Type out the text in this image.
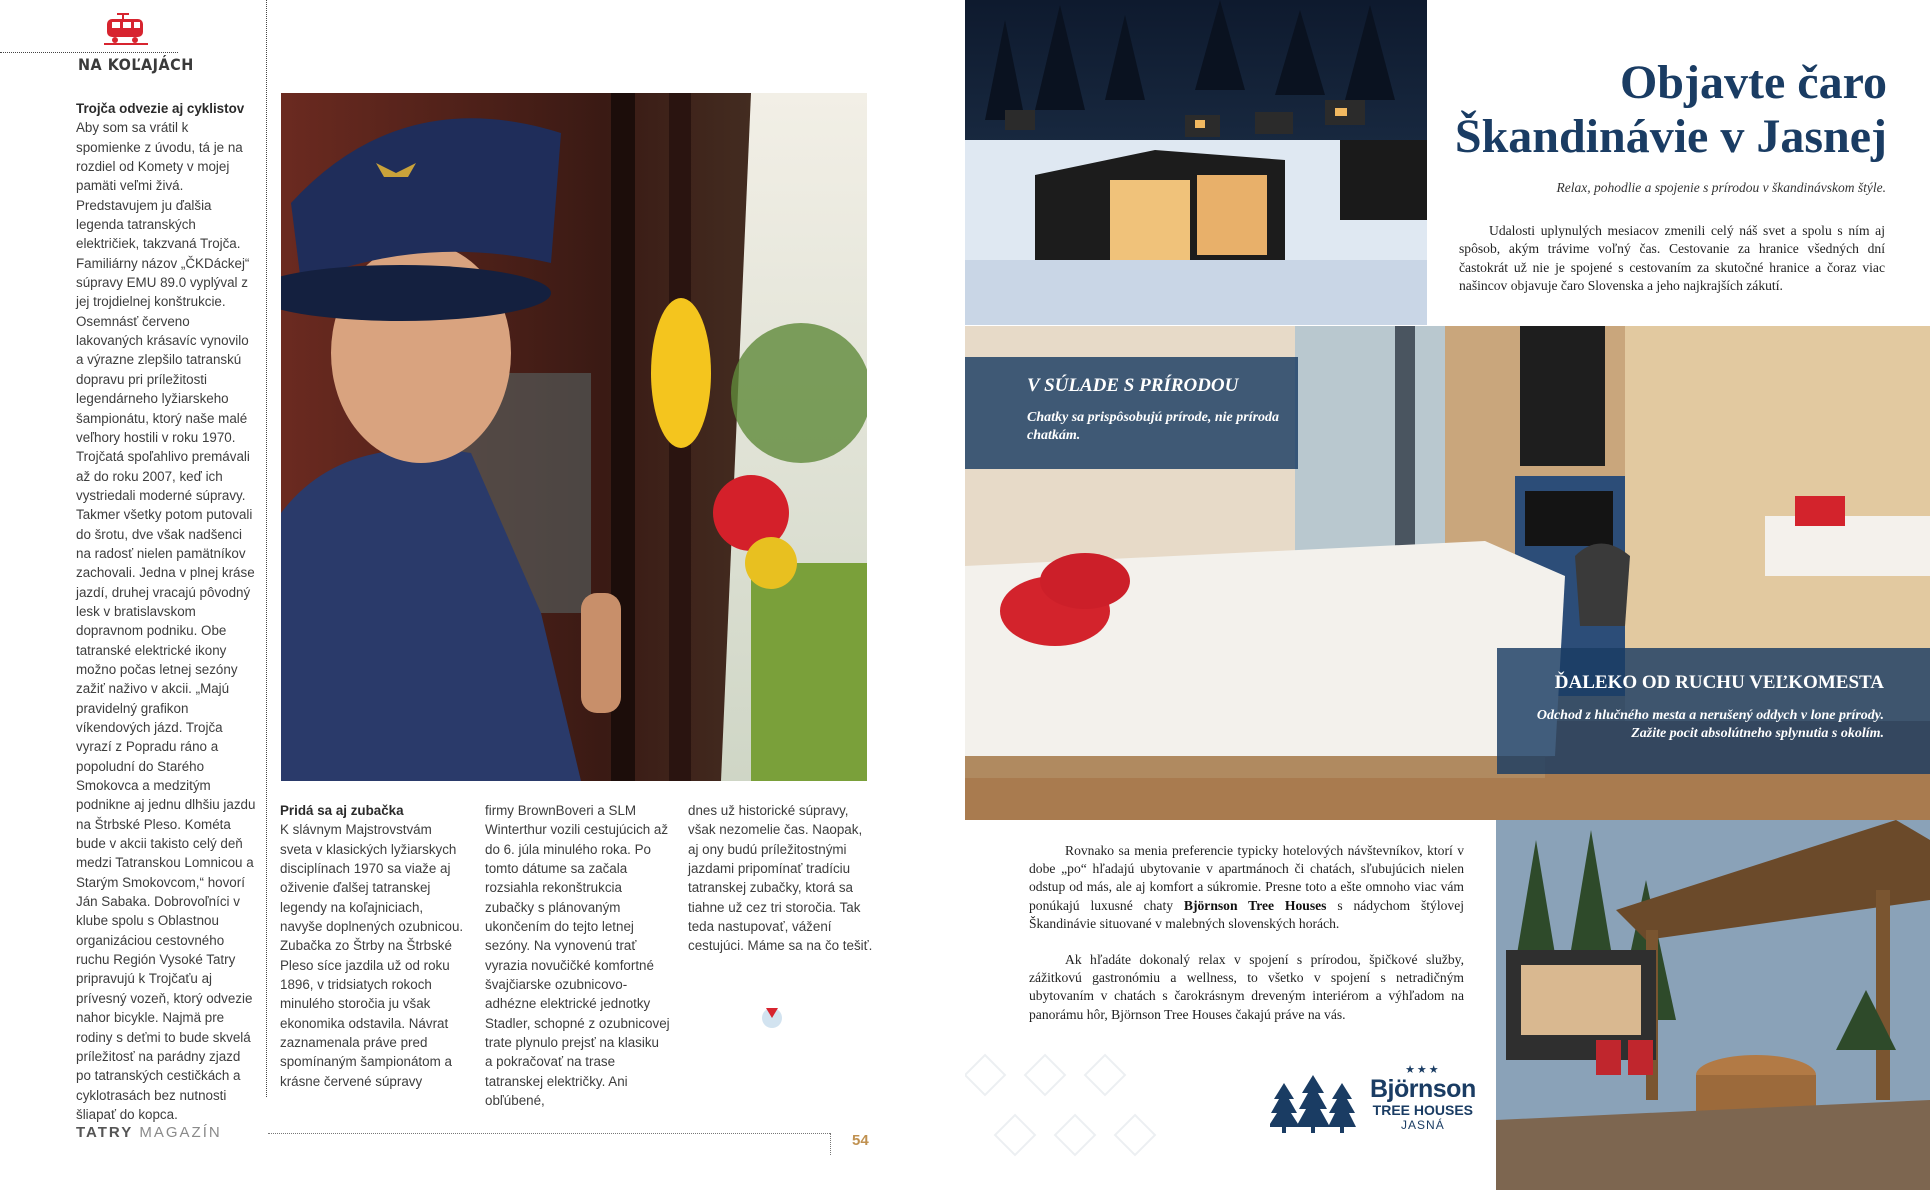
NA KOĽAJÁCH
Trojča odvezie aj cyklistov
Aby som sa vrátil k spomienke z úvodu, tá je na rozdiel od Komety v mojej pamäti veľmi živá. Predstavujem ju ďalšia legenda tatranských električiek, takzvaná Trojča. Familiárny názov „ČKDáckej“ súpravy EMU 89.0 vyplýval z jej trojdielnej konštrukcie. Osemnásť červeno lakovaných krásavíc vynovilo a výrazne zlepšilo tatranskú dopravu pri príležitosti legendárneho lyžiarskeho šampionátu, ktorý naše malé veľhory hostili v roku 1970. Trojčatá spoľahlivo premávali až do roku 2007, keď ich vystriedali moderné súpravy. Takmer všetky potom putovali do šrotu, dve však nadšenci na radosť nielen pamätníkov zachovali. Jedna v plnej kráse jazdí, druhej vracajú pôvodný lesk v bratislavskom dopravnom podniku. Obe tatranské elektrické ikony možno počas letnej sezóny zažiť naživo v akcii. „Majú pravidelný grafikon víkendových jázd. Trojča vyrazí z Popradu ráno a popoludní do Starého Smokovca a medzitým podnikne aj jednu dlhšiu jazdu na Štrbské Pleso. Kométa bude v akcii takisto celý deň medzi Tatranskou Lomnicou a Starým Smokovcom,“ hovorí Ján Sabaka. Dobrovoľníci v klube spolu s Oblastnou organizáciou cestovného ruchu Región Vysoké Tatry pripravujú k Trojčaťu aj prívesný vozeň, ktorý odvezie nahor bicykle. Najmä pre rodiny s deťmi to bude skvelá príležitosť na parádny zjazd po tatranských cestičkách a cyklotrasách bez nutnosti šliapať do kopca.
Pridá sa aj zubačka
K slávnym Majstrovstvám sveta v klasických lyžiarskych disciplínach 1970 sa viaže aj oživenie ďalšej tatranskej legendy na koľajniciach, navyše doplnených ozubnicou. Zubačka zo Štrby na Štrbské Pleso síce jazdila už od roku 1896, v tridsiatych rokoch minulého storočia ju však ekonomika odstavila. Návrat zaznamenala práve pred spomínaným šampionátom a krásne červené súpravy
firmy BrownBoveri a SLM Winterthur vozili cestujúcich až do 6. júla minulého roka. Po tomto dátume sa začala rozsiahla rekonštrukcia zubačky s plánovaným ukončením do tejto letnej sezóny. Na vynovenú trať vyrazia novučičké komfortné švajčiarske ozubnicovo-adhézne elektrické jednotky Stadler, schopné z ozubnicovej trate plynulo prejsť na klasiku a pokračovať na trase tatranskej električky. Ani obľúbené,
dnes už historické súpravy, však nezomelie čas. Naopak, aj ony budú príležitostnými jazdami pripomínať tradíciu tatranskej zubačky, ktorá sa tiahne už cez tri storočia. Tak teda nastupovať, vážení cestujúci. Máme sa na čo tešiť.
TATRY MAGAZÍN	54
Objavte čaro Škandinávie v Jasnej
Relax, pohodlie a spojenie s prírodou v škandinávskom štýle.

Udalosti uplynulých mesiacov zmenili celý náš svet a spolu s ním aj spôsob, akým trávime voľný čas. Cestovanie za hranice všedných dní častokrát už nie je spojené s cestovaním za skutočné hranice a čoraz viac našincov objavuje čaro Slovenska a jeho najkrajších zákutí.

V SÚLADE S PRÍRODOU
Chatky sa prispôsobujú prírode, nie príroda chatkám.
ĎALEKO OD RUCHU VEĽKOMESTA
Odchod z hlučného mesta a nerušený oddych v lone prírody. Zažite pocit absolútneho splynutia s okolím.

Rovnako sa menia preferencie typicky hotelových návštevníkov, ktorí v dobe „po“ hľadajú ubytovanie v apartmánoch či chatách, sľubujúcich nielen odstup od más, ale aj komfort a súkromie. Presne toto a ešte omnoho viac vám ponúkajú luxusné chaty Björnson Tree Houses s nádychom štýlovej Škandinávie situované v malebných slovenských horách.

Ak hľadáte dokonalý relax v spojení s prírodou, špičkové služby, zážitkovú gastronómiu a wellness, to všetko v spojení s netradičným ubytovaním v chatách s čarokrásnym dreveným interiérom a výhľadom na panorámu hôr, Björnson Tree Houses čakajú práve na vás.

★★★
Björnson
TREE HOUSES
JASNÁ
